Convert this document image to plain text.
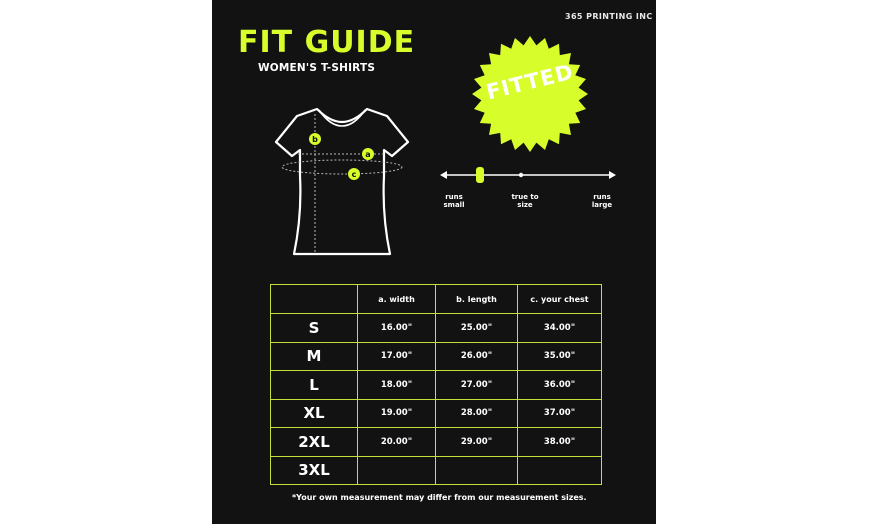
365 PRINTING INC
FIT GUIDE
WOMEN'S T-SHIRTS	FITTED
b
a
c
runs
small
true to
size
runs
large
	a. width	b. length	c. your chest
S	16.00"	25.00"	34.00"
M	17.00"	26.00"	35.00"
L	18.00"	27.00"	36.00"
XL	19.00"	28.00"	37.00"
2XL	20.00"	29.00"	38.00"
3XL			
*Your own measurement may differ from our measurement sizes.
